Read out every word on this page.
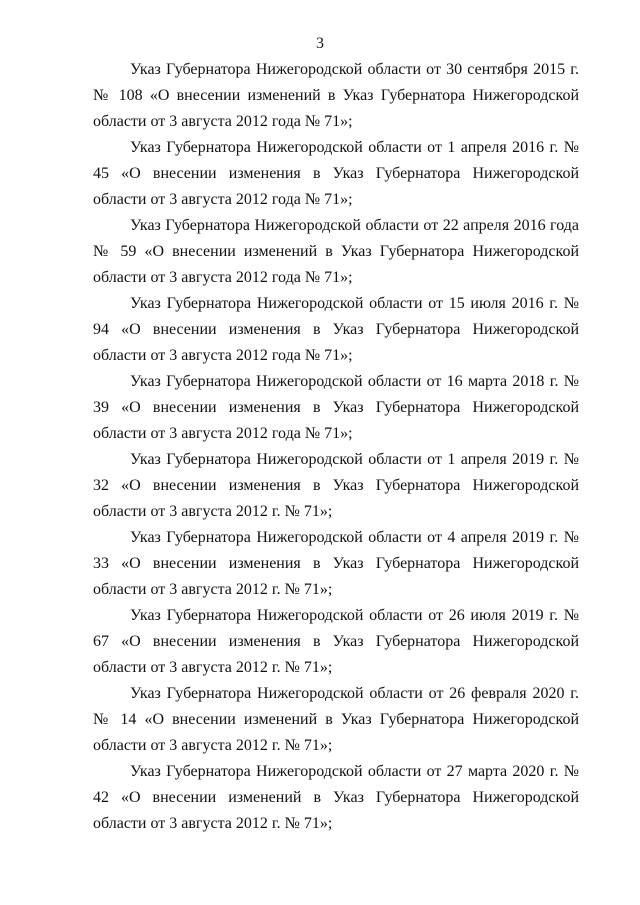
3

Указ Губернатора Нижегородской области от 30 сентября 2015 г. № 108 «О внесении изменений в Указ Губернатора Нижегородской области от 3 августа 2012 года № 71»;

Указ Губернатора Нижегородской области от 1 апреля 2016 г. № 45 «О внесении изменения в Указ Губернатора Нижегородской области от 3 августа 2012 года № 71»;

Указ Губернатора Нижегородской области от 22 апреля 2016 года № 59 «О внесении изменений в Указ Губернатора Нижегородской области от 3 августа 2012 года № 71»;

Указ Губернатора Нижегородской области от 15 июля 2016 г. № 94 «О внесении изменения в Указ Губернатора Нижегородской области от 3 августа 2012 года № 71»;

Указ Губернатора Нижегородской области от 16 марта 2018 г. № 39 «О внесении изменения в Указ Губернатора Нижегородской области от 3 августа 2012 года № 71»;

Указ Губернатора Нижегородской области от 1 апреля 2019 г. № 32 «О внесении изменения в Указ Губернатора Нижегородской области от 3 августа 2012 г. № 71»;

Указ Губернатора Нижегородской области от 4 апреля 2019 г. № 33 «О внесении изменения в Указ Губернатора Нижегородской области от 3 августа 2012 г. № 71»;

Указ Губернатора Нижегородской области от 26 июля 2019 г. № 67 «О внесении изменения в Указ Губернатора Нижегородской области от 3 августа 2012 г. № 71»;

Указ Губернатора Нижегородской области от 26 февраля 2020 г. № 14 «О внесении изменений в Указ Губернатора Нижегородской области от 3 августа 2012 г. № 71»;

Указ Губернатора Нижегородской области от 27 марта 2020 г. № 42 «О внесении изменений в Указ Губернатора Нижегородской области от 3 августа 2012 г. № 71»;
